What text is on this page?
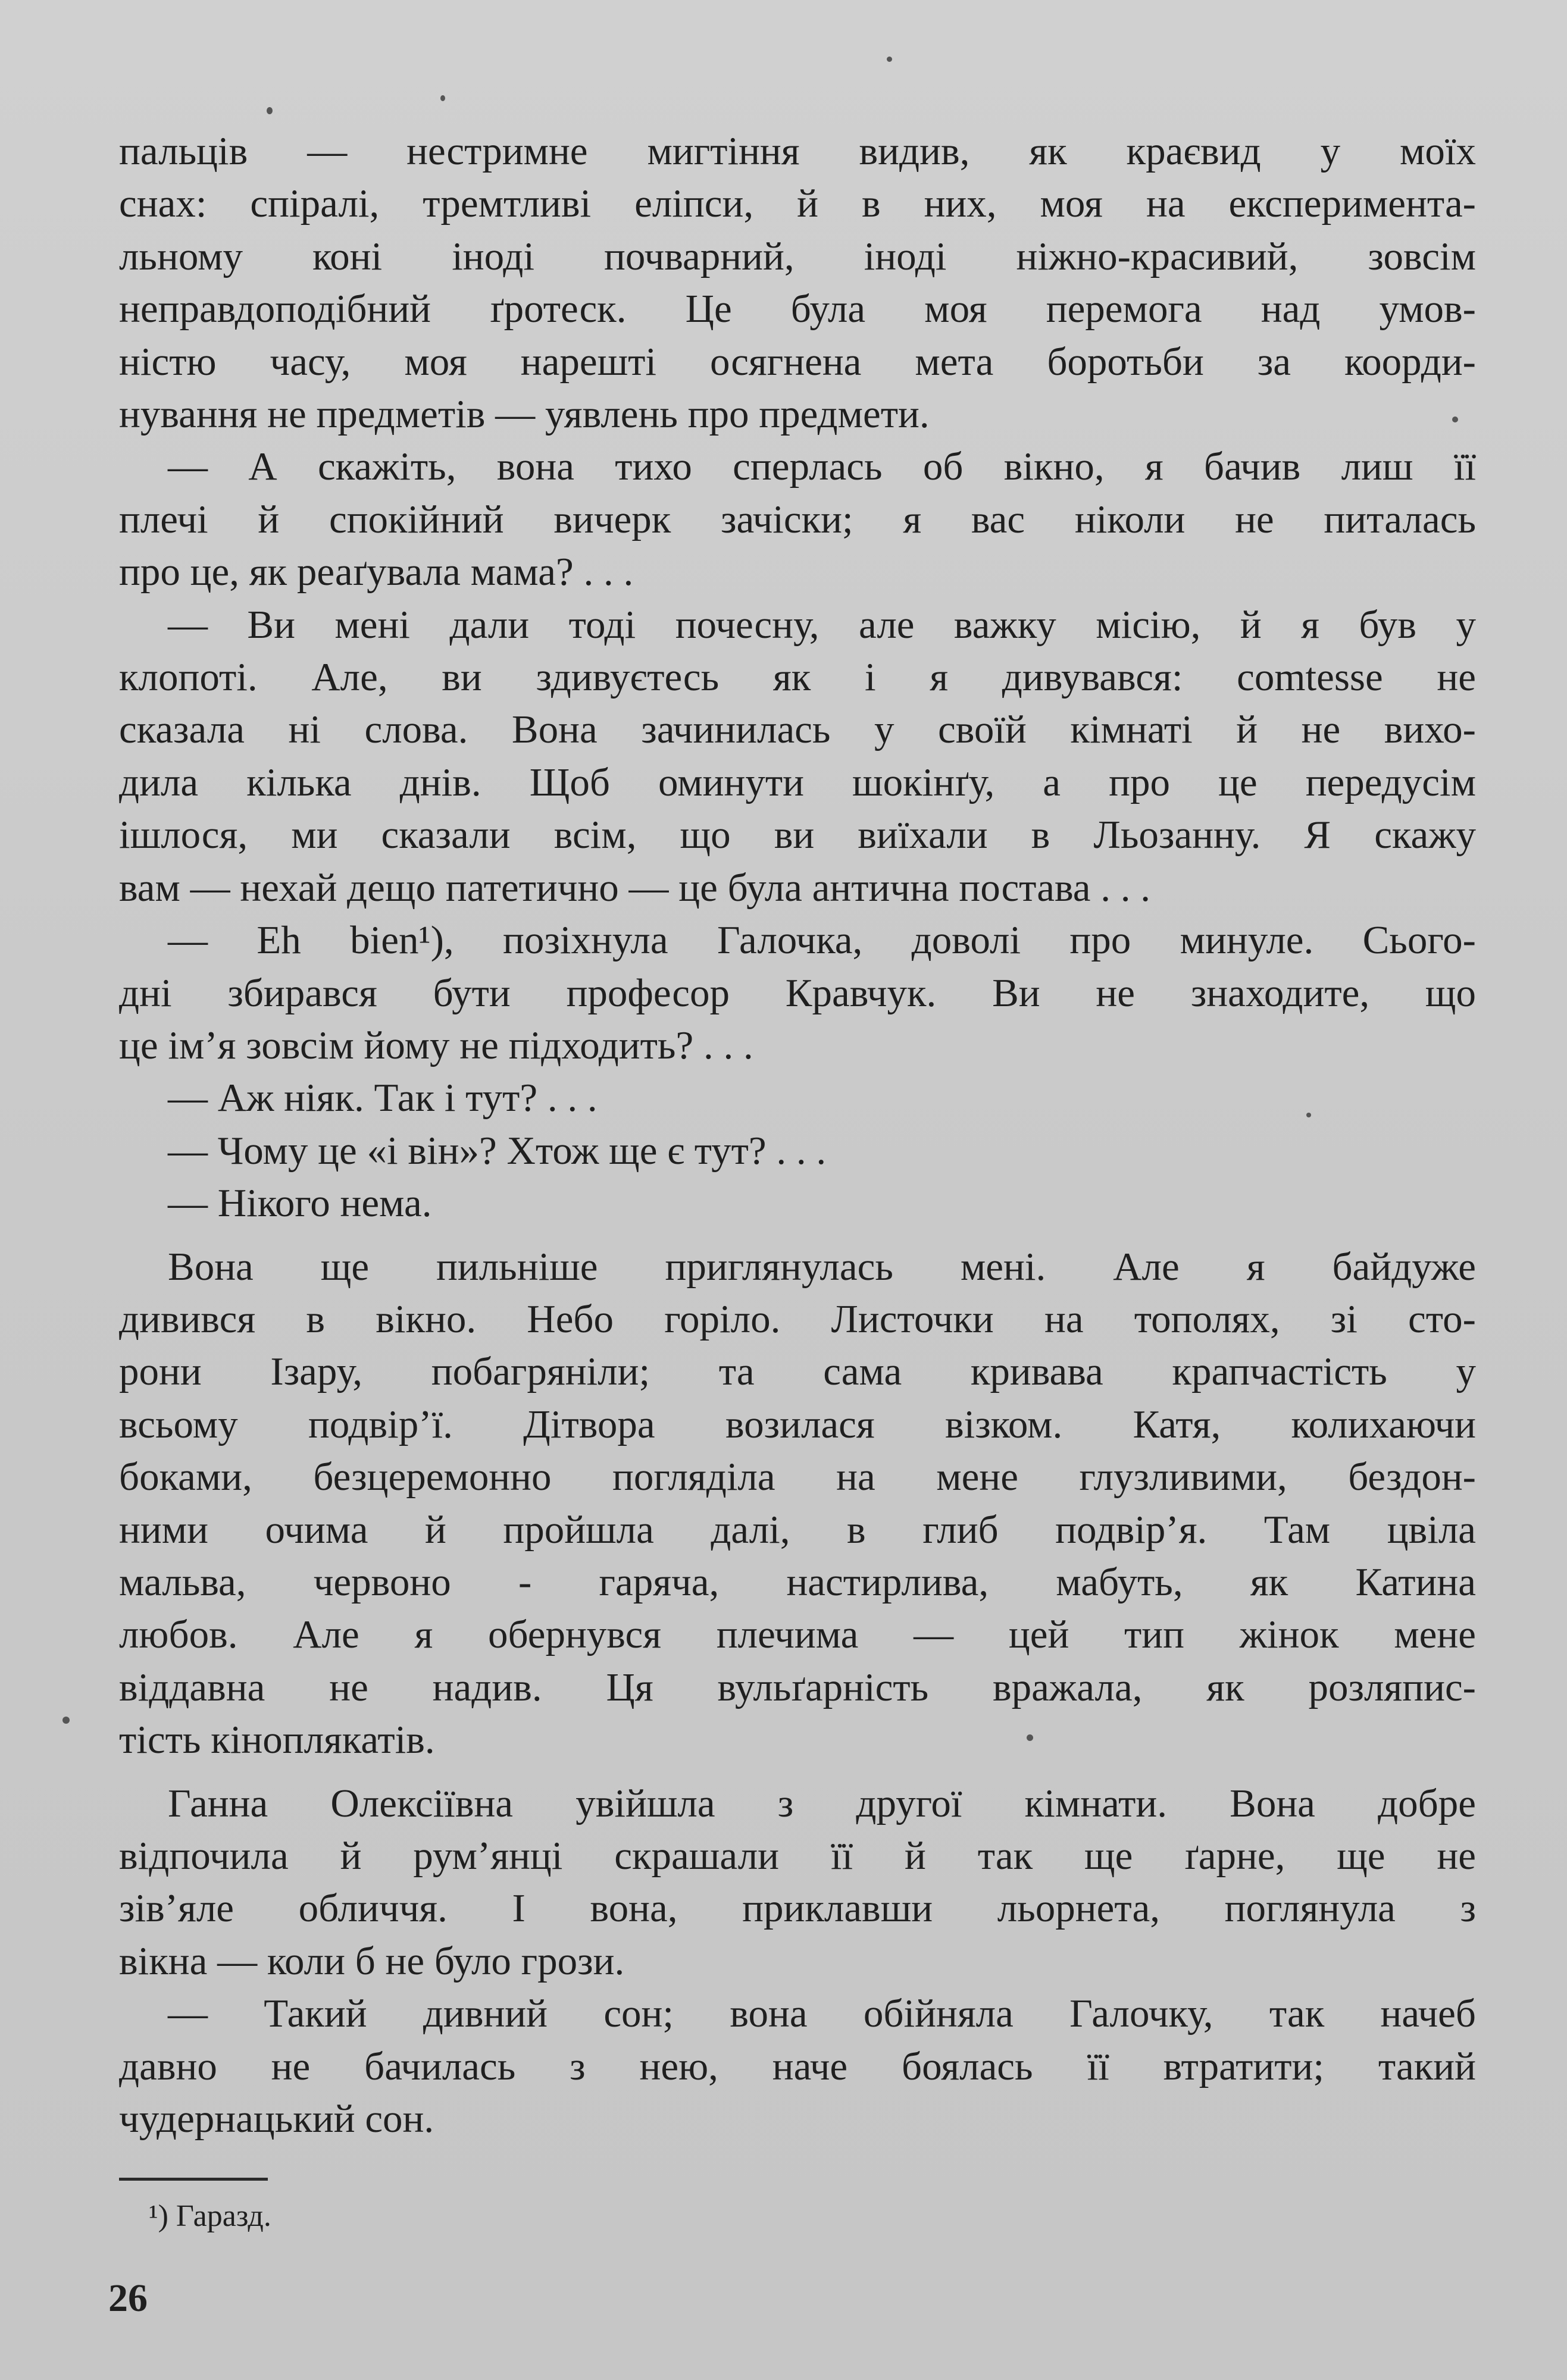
пальців — нестримне мигтіння видив, як краєвид у моїх
снах: спіралі, тремтливі еліпси, й в них, моя на експеримента-
льному коні іноді почварний, іноді ніжно-красивий, зовсім
неправдоподібний ґротеск. Це була моя перемога над умов-
ністю часу, моя нарешті осягнена мета боротьби за коорди-
нування не предметів — уявлень про предмети.

— А скажіть, вона тихо сперлась об вікно, я бачив лиш її
плечі й спокійний вичерк зачіски; я вас ніколи не питалась
про це, як реаґувала мама? . . .

— Ви мені дали тоді почесну, але важку місію, й я був у
клопоті. Але, ви здивуєтесь як і я дивувався: comtesse не
сказала ні слова. Вона зачинилась у своїй кімнаті й не вихо-
дила кілька днів. Щоб оминути шокінґу, а про це передусім
ішлося, ми сказали всім, що ви виїхали в Льозанну. Я скажу
вам — нехай дещо патетично — це була антична постава . . .

— Eh bien¹), позіхнула Галочка, доволі про минуле. Сього-
дні збирався бути професор Кравчук. Ви не знаходите, що
це ім’я зовсім йому не підходить? . . .

— Аж ніяк. Так і тут? . . .

— Чому це «і він»? Хтож ще є тут? . . .

— Нікого нема.

Вона ще пильніше приглянулась мені. Але я байдуже
дивився в вікно. Небо горіло. Листочки на тополях, зі сто-
рони Ізару, побагряніли; та сама кривава крапчастість у
всьому подвір’ї. Дітвора возилася візком. Катя, колихаючи
боками, безцеремонно погляділа на мене глузливими, бездон-
ними очима й пройшла далі, в глиб подвір’я. Там цвіла
мальва, червоно - гаряча, настирлива, мабуть, як Катина
любов. Але я обернувся плечима — цей тип жінок мене
віддавна не надив. Ця вульґарність вражала, як розляпис-
тість кіноплякатів.

Ганна Олексіївна увійшла з другої кімнати. Вона добре
відпочила й рум’янці скрашали її й так ще ґарне, ще не
зів’яле обличчя. І вона, приклавши льорнета, поглянула з
вікна — коли б не було грози.

— Такий дивний сон; вона обійняла Галочку, так начеб
давно не бачилась з нею, наче боялась її втратити; такий
чудернацький сон.

¹) Гаразд.
26
